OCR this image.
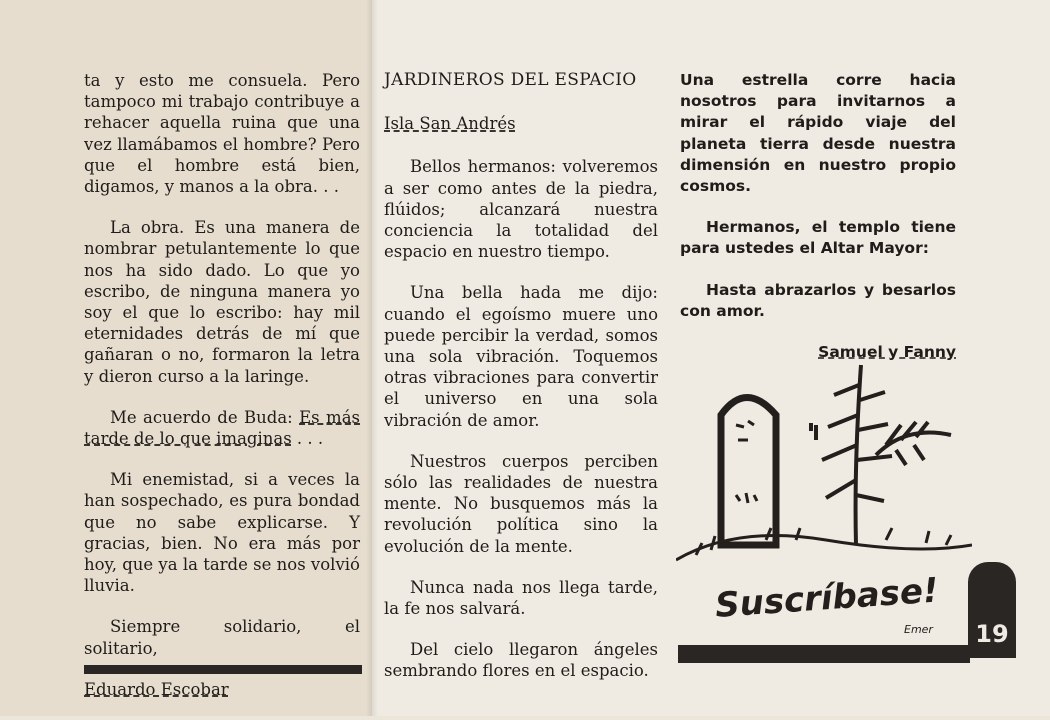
ta y esto me consuela. Pero tampoco mi trabajo contribuye a rehacer aquella ruina que una vez llamábamos el hombre? Pero que el hombre está bien, digamos, y manos a la obra. . .

La obra. Es una manera de nombrar petulantemente lo que nos ha sido dado. Lo que yo escribo, de ninguna manera yo soy el que lo escribo: hay mil eternidades detrás de mí que gañaran o no, formaron la letra y dieron curso a la laringe.

Me acuerdo de Buda: Es más tarde de lo que imaginas . . .

Mi enemistad, si a veces la han sospechado, es pura bondad que no sabe explicarse. Y gracias, bien. No era más por hoy, que ya la tarde se nos volvió lluvia.

Siempre solidario, el solitario,

Eduardo Escobar

JARDINEROS DEL ESPACIO

Isla San Andrés

Bellos hermanos: volveremos a ser como antes de la piedra, flúidos; alcanzará nuestra conciencia la totalidad del espacio en nuestro tiempo.

Una bella hada me dijo: cuando el egoísmo muere uno puede percibir la verdad, somos una sola vibración. Toquemos otras vibraciones para convertir el universo en una sola vibración de amor.

Nuestros cuerpos perciben sólo las realidades de nuestra mente. No busquemos más la revolución política sino la evolución de la mente.

Nunca nada nos llega tarde, la fe nos salvará.

Del cielo llegaron ángeles sembrando flores en el espacio.

Una estrella corre hacia nosotros para invitarnos a mirar el rápido viaje del planeta tierra desde nuestra dimensión en nuestro propio cosmos.

Hermanos, el templo tiene para ustedes el Altar Mayor:

Hasta abrazarlos y besarlos con amor.

Samuel y Fanny

Suscríbase!
Emer	19
